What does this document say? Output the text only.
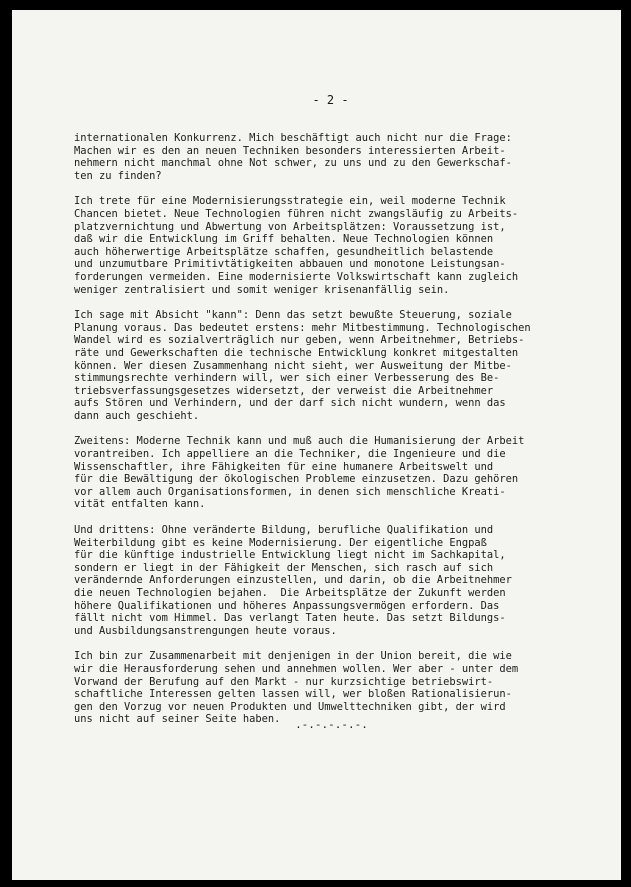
- 2 -
internationalen Konkurrenz. Mich beschäftigt auch nicht nur die Frage:
Machen wir es den an neuen Techniken besonders interessierten Arbeit-
nehmern nicht manchmal ohne Not schwer, zu uns und zu den Gewerkschaf-
ten zu finden?
Ich trete für eine Modernisierungsstrategie ein, weil moderne Technik
Chancen bietet. Neue Technologien führen nicht zwangsläufig zu Arbeits-
platzvernichtung und Abwertung von Arbeitsplätzen: Voraussetzung ist,
daß wir die Entwicklung im Griff behalten. Neue Technologien können
auch höherwertige Arbeitsplätze schaffen, gesundheitlich belastende
und unzumutbare Primitivtätigkeiten abbauen und monotone Leistungsan-
forderungen vermeiden. Eine modernisierte Volkswirtschaft kann zugleich
weniger zentralisiert und somit weniger krisenanfällig sein.
Ich sage mit Absicht "kann": Denn das setzt bewußte Steuerung, soziale
Planung voraus. Das bedeutet erstens: mehr Mitbestimmung. Technologischen
Wandel wird es sozialverträglich nur geben, wenn Arbeitnehmer, Betriebs-
räte und Gewerkschaften die technische Entwicklung konkret mitgestalten
können. Wer diesen Zusammenhang nicht sieht, wer Ausweitung der Mitbe-
stimmungsrechte verhindern will, wer sich einer Verbesserung des Be-
triebsverfassungsgesetzes widersetzt, der verweist die Arbeitnehmer
aufs Stören und Verhindern, und der darf sich nicht wundern, wenn das
dann auch geschieht.
Zweitens: Moderne Technik kann und muß auch die Humanisierung der Arbeit
vorantreiben. Ich appelliere an die Techniker, die Ingenieure und die
Wissenschaftler, ihre Fähigkeiten für eine humanere Arbeitswelt und
für die Bewältigung der ökologischen Probleme einzusetzen. Dazu gehören
vor allem auch Organisationsformen, in denen sich menschliche Kreati-
vität entfalten kann.
Und drittens: Ohne veränderte Bildung, berufliche Qualifikation und
Weiterbildung gibt es keine Modernisierung. Der eigentliche Engpaß
für die künftige industrielle Entwicklung liegt nicht im Sachkapital,
sondern er liegt in der Fähigkeit der Menschen, sich rasch auf sich
verändernde Anforderungen einzustellen, und darin, ob die Arbeitnehmer
die neuen Technologien bejahen.  Die Arbeitsplätze der Zukunft werden
höhere Qualifikationen und höheres Anpassungsvermögen erfordern. Das
fällt nicht vom Himmel. Das verlangt Taten heute. Das setzt Bildungs-
und Ausbildungsanstrengungen heute voraus.
Ich bin zur Zusammenarbeit mit denjenigen in der Union bereit, die wie
wir die Herausforderung sehen und annehmen wollen. Wer aber - unter dem
Vorwand der Berufung auf den Markt - nur kurzsichtige betriebswirt-
schaftliche Interessen gelten lassen will, wer bloßen Rationalisierun-
gen den Vorzug vor neuen Produkten und Umwelttechniken gibt, der wird
uns nicht auf seiner Seite haben.	.-.-.-.-.-.
